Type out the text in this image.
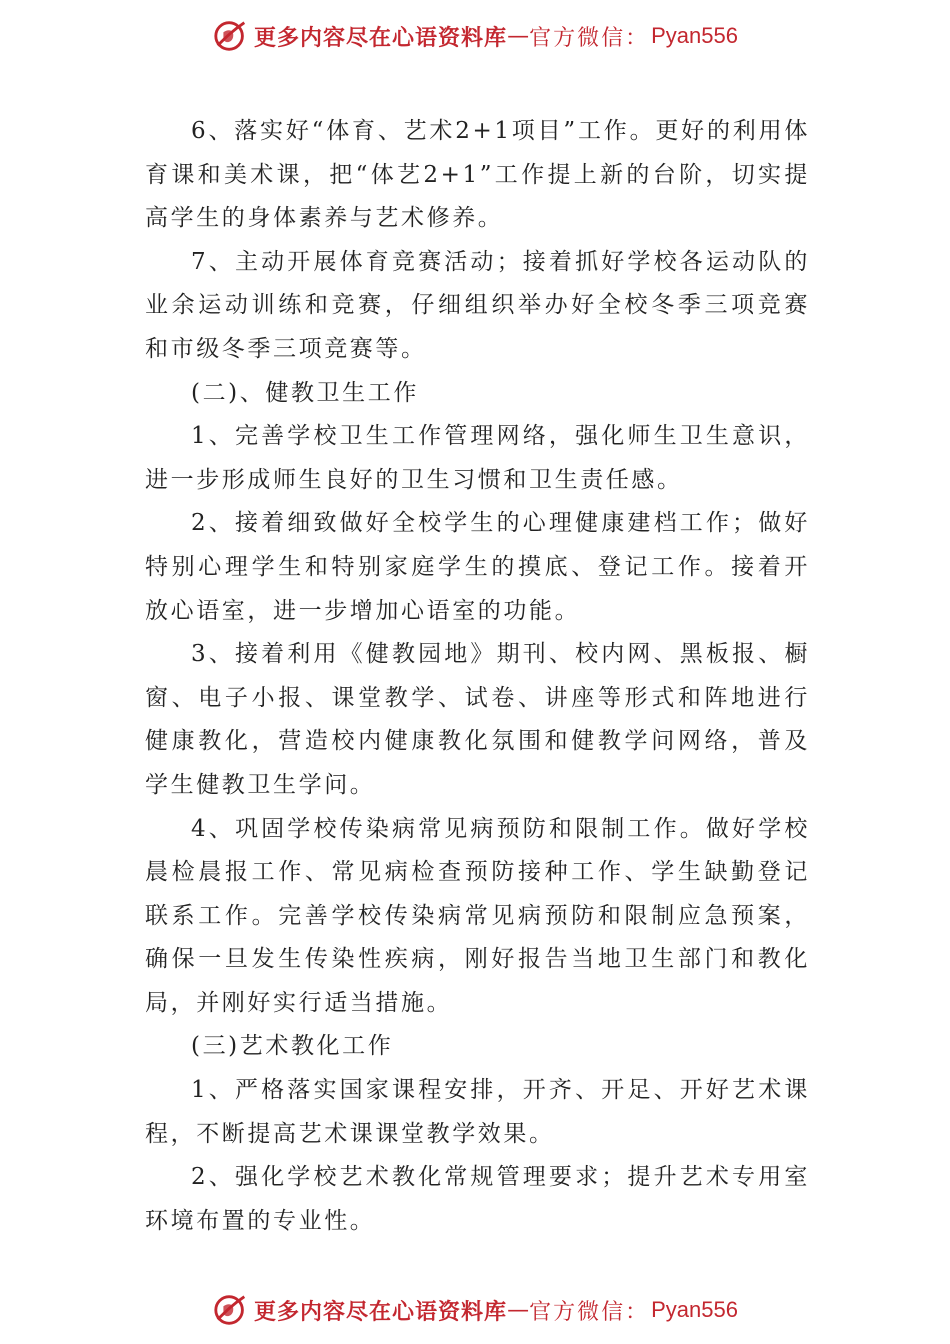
更多内容尽在心语资料库 — 官方微信： Pyan556

6、落实好“体育、艺术2+1项目”工作。更好的利用体育课和美术课，把“体艺2+1”工作提上新的台阶，切实提高学生的身体素养与艺术修养。

7、主动开展体育竞赛活动；接着抓好学校各运动队的业余运动训练和竞赛，仔细组织举办好全校冬季三项竞赛和市级冬季三项竞赛等。

(二)、健教卫生工作

1、完善学校卫生工作管理网络，强化师生卫生意识，进一步形成师生良好的卫生习惯和卫生责任感。

2、接着细致做好全校学生的心理健康建档工作；做好特别心理学生和特别家庭学生的摸底、登记工作。接着开放心语室，进一步增加心语室的功能。

3、接着利用《健教园地》期刊、校内网、黑板报、橱窗、电子小报、课堂教学、试卷、讲座等形式和阵地进行健康教化，营造校内健康教化氛围和健教学问网络，普及学生健教卫生学问。

4、巩固学校传染病常见病预防和限制工作。做好学校晨检晨报工作、常见病检查预防接种工作、学生缺勤登记联系工作。完善学校传染病常见病预防和限制应急预案，确保一旦发生传染性疾病，刚好报告当地卫生部门和教化局，并刚好实行适当措施。

(三)艺术教化工作

1、严格落实国家课程安排，开齐、开足、开好艺术课程，不断提高艺术课课堂教学效果。

2、强化学校艺术教化常规管理要求；提升艺术专用室环境布置的专业性。

更多内容尽在心语资料库 — 官方微信： Pyan556
